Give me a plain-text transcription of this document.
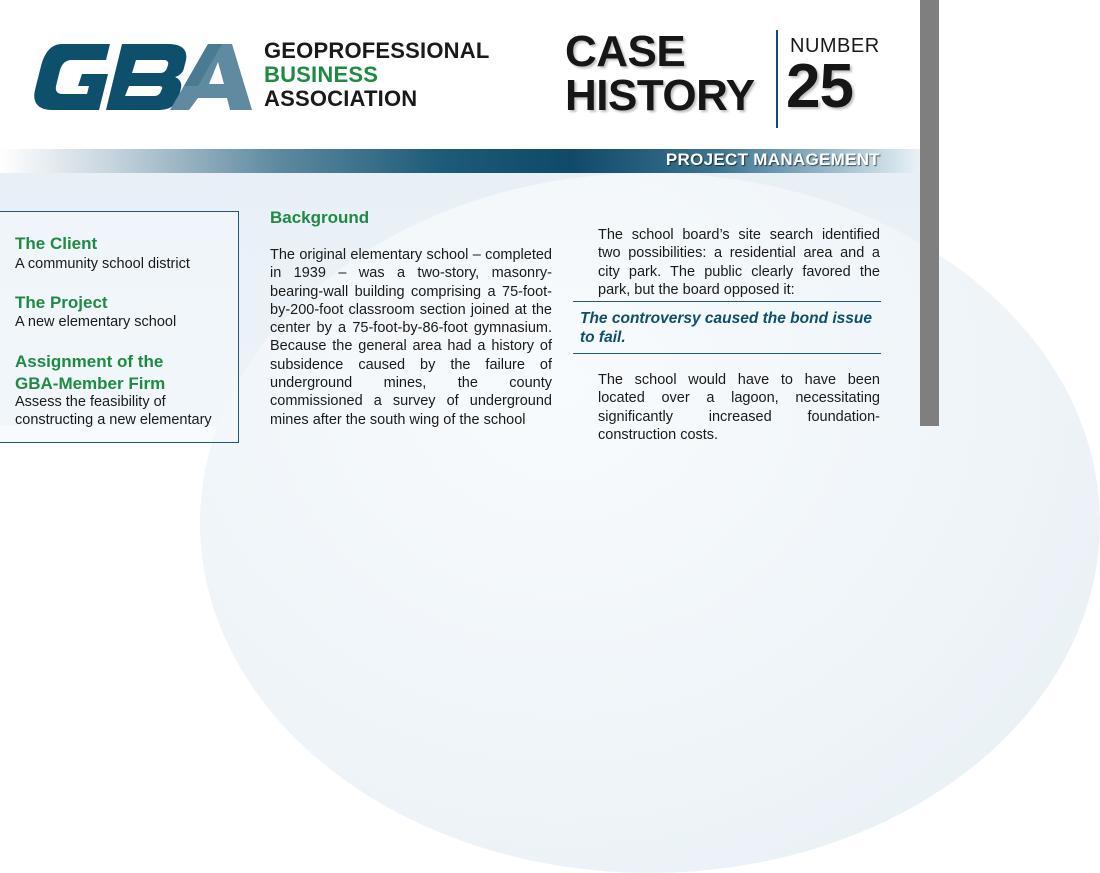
GEOPROFESSIONAL
BUSINESS
ASSOCIATION
CASE
HISTORY
NUMBER
25
PROJECT MANAGEMENT
The Client
A community school district
The Project
A new elementary school
Assignment of the
GBA-Member Firm
Assess the feasibility of
constructing a new elementary
Background
The original elementary school – completed in 1939 – was a two-story, masonry-bearing-wall building comprising a 75-foot-by-200-foot classroom section joined at the center by a 75-foot-by-86-foot gymnasium. Because the general area had a history of subsidence caused by the failure of underground mines, the county commissioned a survey of underground mines after the south wing of the school
The school board’s site search identified two possibilities: a residential area and a city park. The public clearly favored the park, but the board opposed it:
The controversy caused the bond issue to fail.
The school would have to have been located over a lagoon, necessitating significantly increased foundation-construction costs.
